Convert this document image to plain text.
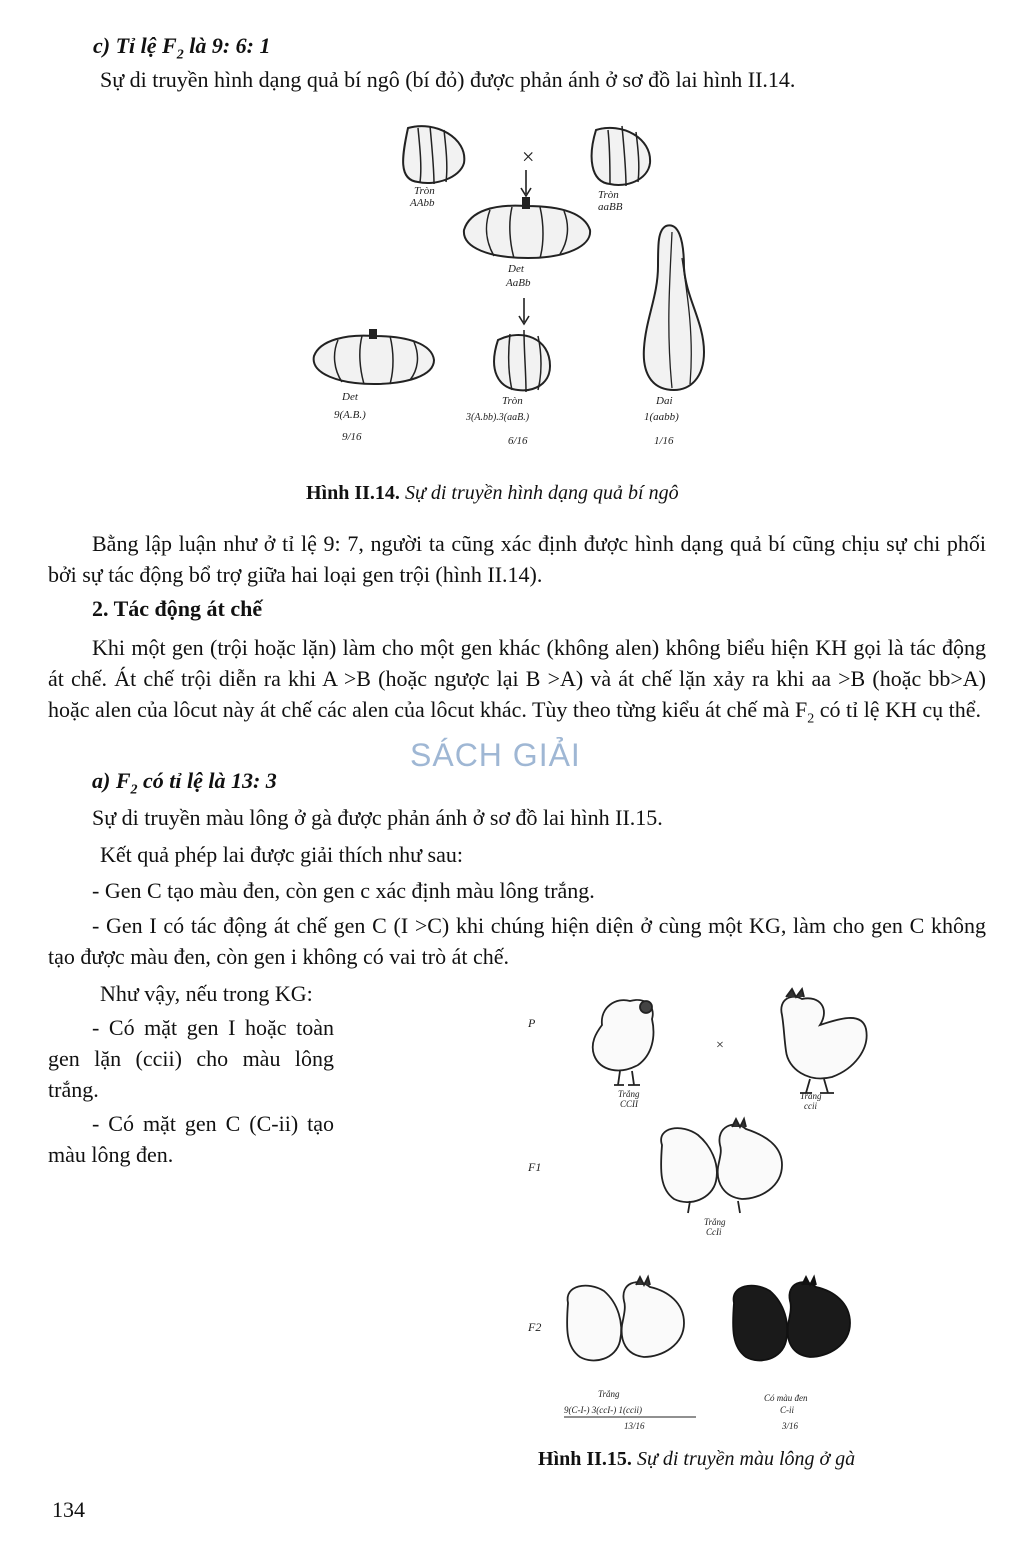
c) Tỉ lệ $F_2$ là 9: 6: 1
Sự di truyền hình dạng quả bí ngô (bí đỏ) được phản ánh ở sơ đồ lai hình II.14.
Tròn
AAbb
×
Tròn
aaBB
Det
AaBb
Det
9(A.B.)
9/16
Tròn
3(A.bb).3(aaB.)
6/16
Dai
1(aabb)
1/16
Hình II.14. Sự di truyền hình dạng quả bí ngô
Bằng lập luận như ở tỉ lệ 9: 7, người ta cũng xác định được hình dạng quả bí cũng chịu sự chi phối bởi sự tác động bổ trợ giữa hai loại gen trội (hình II.14).
2. Tác động át chế
Khi một gen (trội hoặc lặn) làm cho một gen khác (không alen) không biểu hiện KH gọi là tác động át chế. Át chế trội diễn ra khi A >B (hoặc ngược lại B >A) và át chế lặn xảy ra khi aa >B (hoặc bb>A) hoặc alen của lôcut này át chế các alen của lôcut khác. Tùy theo từng kiểu át chế mà $F_2$ có tỉ lệ KH cụ thể.
SÁCH GIẢI
a) $F_2$ có tỉ lệ là 13: 3
Sự di truyền màu lông ở gà được phản ánh ở sơ đồ lai hình II.15.
Kết quả phép lai được giải thích như sau:
- Gen C tạo màu đen, còn gen c xác định màu lông trắng.
- Gen I có tác động át chế gen C (I >C) khi chúng hiện diện ở cùng một KG, làm cho gen C không tạo được màu đen, còn gen i không có vai trò át chế.
Như vậy, nếu trong KG:
- Có mặt gen I hoặc toàn gen lặn (ccii) cho màu lông trắng.
- Có mặt gen C (C-ii) tạo màu lông đen.
P
Trắng
CCII
×
Trắng
ccii
F1
Trắng
CcIi
F2
Trắng
9(C-I-) 3(ccI-) 1(ccii)
13/16
Có màu đen
C-ii
3/16
Hình II.15. Sự di truyền màu lông ở gà
134
